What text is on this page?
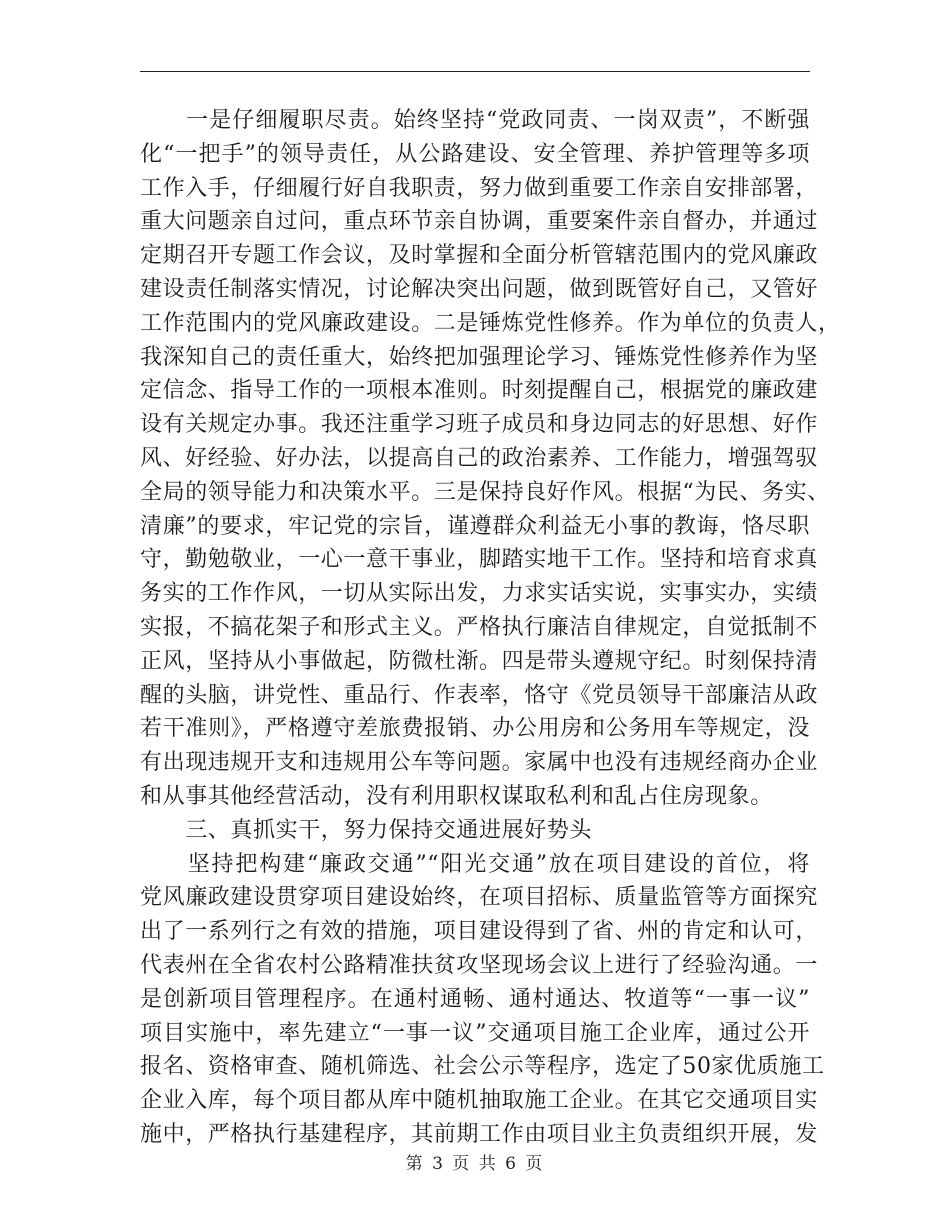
　　一是仔细履职尽责。始终坚持“党政同责、一岗双责”，不断强
化“一把手”的领导责任，从公路建设、安全管理、养护管理等多项
工作入手，仔细履行好自我职责，努力做到重要工作亲自安排部署，
重大问题亲自过问，重点环节亲自协调，重要案件亲自督办，并通过
定期召开专题工作会议，及时掌握和全面分析管辖范围内的党风廉政
建设责任制落实情况，讨论解决突出问题，做到既管好自己，又管好
工作范围内的党风廉政建设。二是锤炼党性修养。作为单位的负责人，
我深知自己的责任重大，始终把加强理论学习、锤炼党性修养作为坚
定信念、指导工作的一项根本准则。时刻提醒自己，根据党的廉政建
设有关规定办事。我还注重学习班子成员和身边同志的好思想、好作
风、好经验、好办法，以提高自己的政治素养、工作能力，增强驾驭
全局的领导能力和决策水平。三是保持良好作风。根据“为民、务实、
清廉”的要求，牢记党的宗旨，谨遵群众利益无小事的教诲，恪尽职
守，勤勉敬业，一心一意干事业，脚踏实地干工作。坚持和培育求真
务实的工作作风，一切从实际出发，力求实话实说，实事实办，实绩
实报，不搞花架子和形式主义。严格执行廉洁自律规定，自觉抵制不
正风，坚持从小事做起，防微杜渐。四是带头遵规守纪。时刻保持清
醒的头脑，讲党性、重品行、作表率，恪守《党员领导干部廉洁从政
若干准则》，严格遵守差旅费报销、办公用房和公务用车等规定，没
有出现违规开支和违规用公车等问题。家属中也没有违规经商办企业
和从事其他经营活动，没有利用职权谋取私利和乱占住房现象。
　　三、真抓实干，努力保持交通进展好势头
　　坚持把构建“廉政交通”“阳光交通”放在项目建设的首位，将
党风廉政建设贯穿项目建设始终，在项目招标、质量监管等方面探究
出了一系列行之有效的措施，项目建设得到了省、州的肯定和认可，
代表州在全省农村公路精准扶贫攻坚现场会议上进行了经验沟通。一
是创新项目管理程序。在通村通畅、通村通达、牧道等“一事一议”
项目实施中，率先建立“一事一议”交通项目施工企业库，通过公开
报名、资格审查、随机筛选、社会公示等程序，选定了50家优质施工
企业入库，每个项目都从库中随机抽取施工企业。在其它交通项目实
施中，严格执行基建程序，其前期工作由项目业主负责组织开展，发
第 3 页 共 6 页
